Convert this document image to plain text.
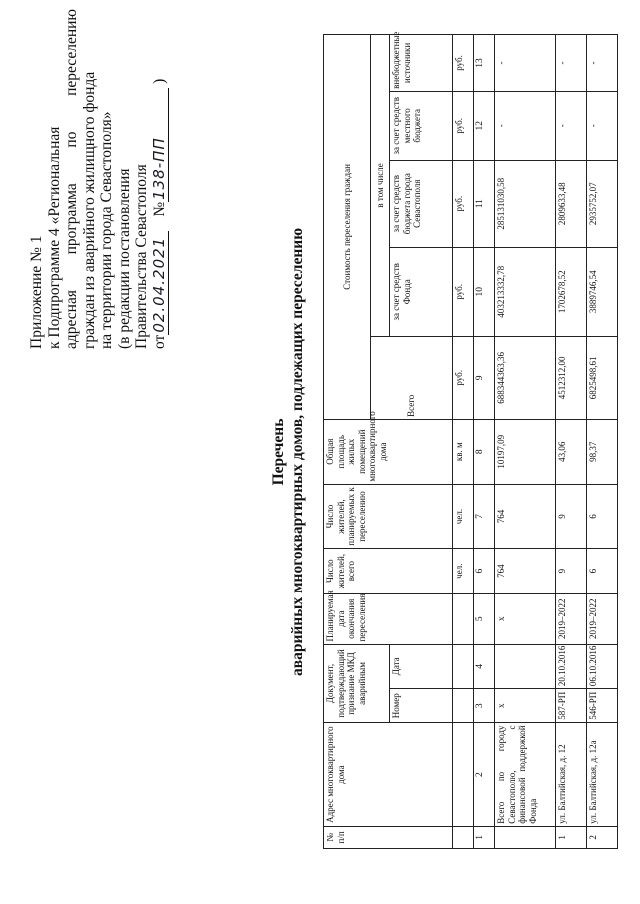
Приложение № 1 к Подпрограмме 4 «Региональная адресная программа по переселению граждан из аварийного жилищного фонда на территории города Севастополя» (в редакции постановления Правительства Севастополя от
02.04.2021
№
138-ПП
)
Перечень аварийных многоквартирных домов, подлежащих переселению
№ п/п	Адрес многоквартирного дома	Документ, подтверждающий признание МКД аварийным		Планируемая дата окончания переселения	Число жителей, всего	Число жителей, планируемых к переселению	Общая площадь жилых помещений многоквартирного дома	Стоимость переселения граждан				
								Всего	в том числе			
		Номер	Дата						за счет средств Фонда	за счет средств бюджета города Севастополя	за счет средств местного бюджета	внебюджетные источники
					чел.	чел.	кв. м	руб.	руб.	руб.	руб.	руб.
1	2	3	4	5	6	7	8	9	10	11	12	13
	Всего по городу Севастополю, с финансовой поддержкой Фонда	x		x	764	764	10197,09	688344363,36	403213332,78	285131030,58	-	-
1	ул. Балтийская, д. 12	587-РП	20.10.2016	2019–2022	9	9	43,06	4512312,00	1702678,52	2809633,48	-	-
2	ул. Балтийская, д. 12а	546-РП	06.10.2016	2019–2022	6	6	98,37	6825498,61	3889746,54	2935752,07	-	-
